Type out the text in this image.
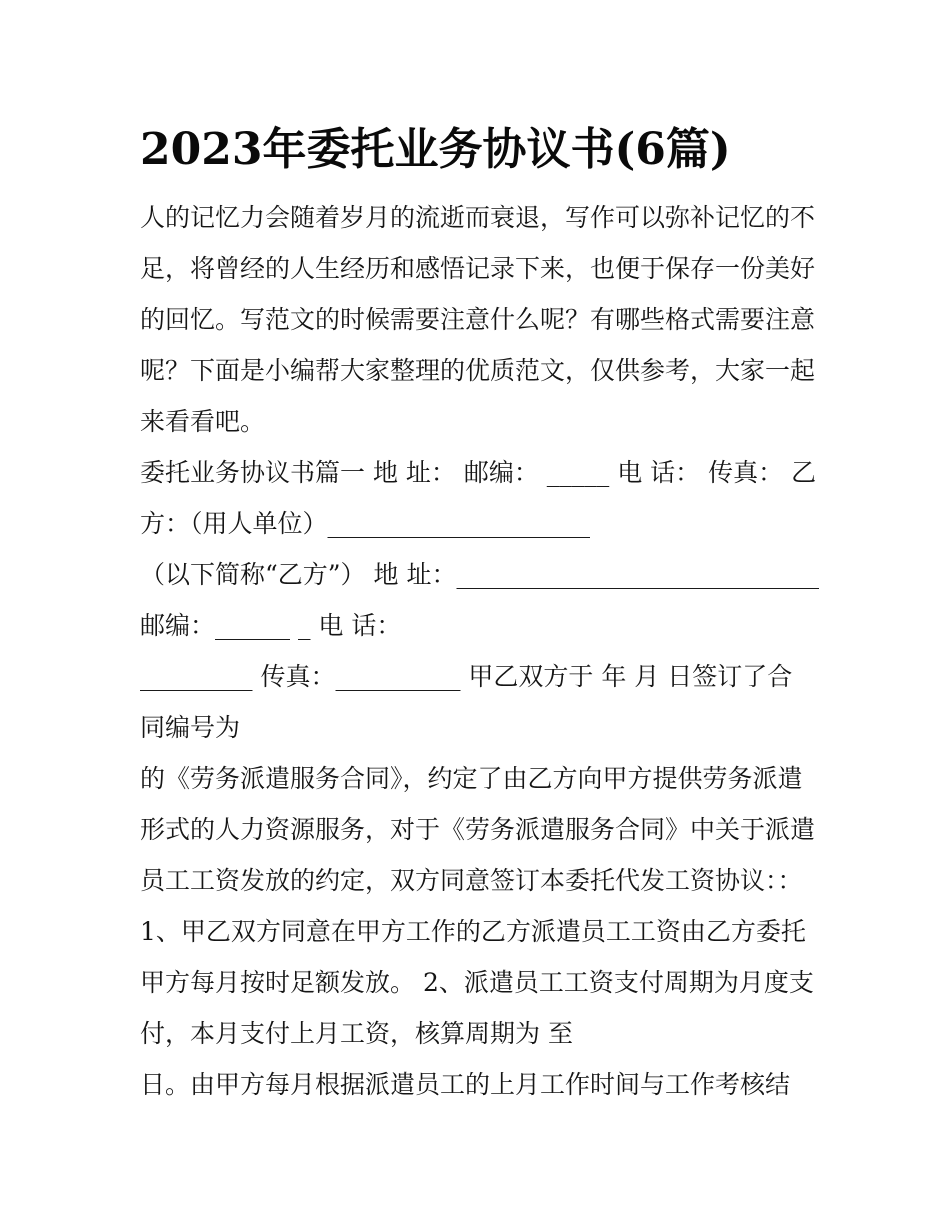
2023年委托业务协议书(6篇)
人的记忆力会随着岁月的流逝而衰退，写作可以弥补记忆的不
足，将曾经的人生经历和感悟记录下来，也便于保存一份美好
的回忆。写范文的时候需要注意什么呢？有哪些格式需要注意
呢？下面是小编帮大家整理的优质范文，仅供参考，大家一起
来看看吧。
委托业务协议书篇一 地 址： 邮编： _____ 电 话： 传真： 乙
方：（用人单位）_____________________
（以下简称“乙方”） 地 址：_____________________________
邮编：______ _ 电 话：
_________ 传真：__________ 甲乙双方于 年 月 日签订了合
同编号为
的《劳务派遣服务合同》，约定了由乙方向甲方提供劳务派遣
形式的人力资源服务，对于《劳务派遣服务合同》中关于派遣
员工工资发放的约定，双方同意签订本委托代发工资协议：：
1、甲乙双方同意在甲方工作的乙方派遣员工工资由乙方委托
甲方每月按时足额发放。 2、派遣员工工资支付周期为月度支
付，本月支付上月工资，核算周期为 至
日。由甲方每月根据派遣员工的上月工作时间与工作考核结
